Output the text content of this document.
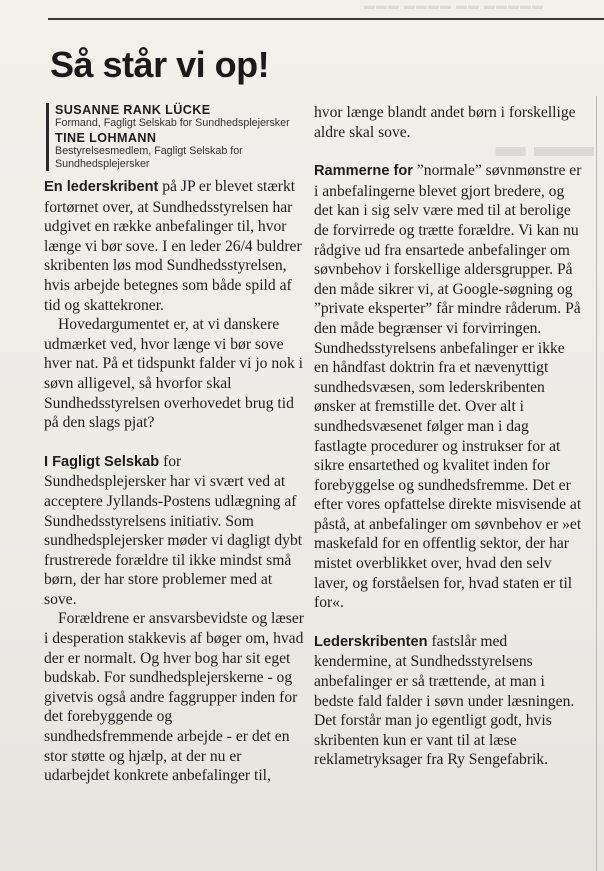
▬▬▬ ▬▬▬▬ ▬▬ ▬▬▬▬▬
▬ ▬▬
Så står vi op!
SUSANNE RANK LÜCKE
Formand, Fagligt Selskab for Sundhedsplejersker
TINE LOHMANN
Bestyrelsesmedlem, Fagligt Selskab for Sundhedsplejersker

En lederskribent på JP er blevet stærkt fortørnet over, at Sundhedsstyrelsen har udgivet en række anbefalinger til, hvor længe vi bør sove. I en leder 26/4 buldrer skribenten løs mod Sundhedsstyrelsen, hvis arbejde betegnes som både spild af tid og skattekroner.

Hovedargumentet er, at vi danskere udmærket ved, hvor længe vi bør sove hver nat. På et tidspunkt falder vi jo nok i søvn alligevel, så hvorfor skal Sundhedsstyrelsen overhovedet brug tid på den slags pjat?

I Fagligt Selskab for Sundhedsplejersker har vi svært ved at acceptere Jyllands-Postens udlægning af Sundhedsstyrelsens initiativ. Som sundhedsplejersker møder vi dagligt dybt frustrerede forældre til ikke mindst små børn, der har store problemer med at sove.

Forældrene er ansvarsbevidste og læser i desperation stakkevis af bøger om, hvad der er normalt. Og hver bog har sit eget budskab. For sundhedsplejerskerne - og givetvis også andre faggrupper inden for det forebyggende og sundhedsfremmende arbejde - er det en stor støtte og hjælp, at der nu er udarbejdet konkrete anbefalinger til,

hvor længe blandt andet børn i forskellige aldre skal sove.

Rammerne for ”normale” søvnmønstre er i anbefalingerne blevet gjort bredere, og det kan i sig selv være med til at berolige de forvirrede og trætte forældre. Vi kan nu rådgive ud fra ensartede anbefalinger om søvnbehov i forskellige aldersgrupper. På den måde sikrer vi, at Google-søgning og ”private eksperter” får mindre råderum. På den måde begrænser vi forvirringen. Sundhedsstyrelsens anbefalinger er ikke en håndfast doktrin fra et nævenyttigt sundhedsvæsen, som lederskribenten ønsker at fremstille det. Over alt i sundhedsvæsenet følger man i dag fastlagte procedurer og instrukser for at sikre ensartethed og kvalitet inden for forebyggelse og sundhedsfremme. Det er efter vores opfattelse direkte misvisende at påstå, at anbefalinger om søvnbehov er »et maskefald for en offentlig sektor, der har mistet overblikket over, hvad den selv laver, og forståelsen for, hvad staten er til for«.

Lederskribenten fastslår med kendermine, at Sundhedsstyrelsens anbefalinger er så trættende, at man i bedste fald falder i søvn under læsningen. Det forstår man jo egentligt godt, hvis skribenten kun er vant til at læse reklametryksager fra Ry Sengefabrik.
